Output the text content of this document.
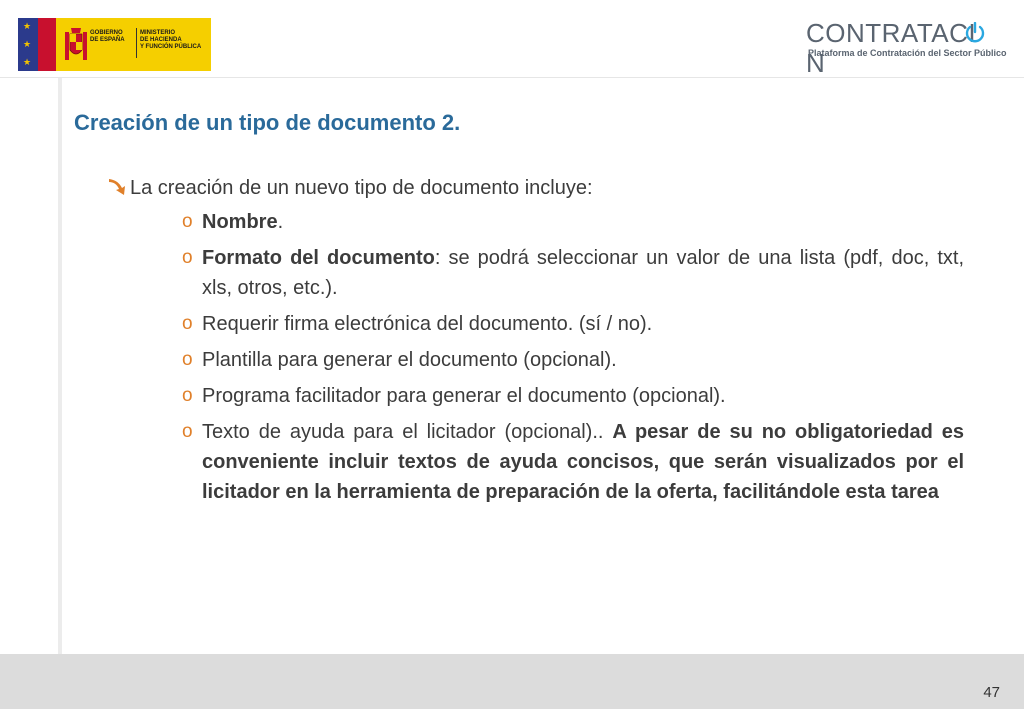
★
★
★
GOBIERNO
DE ESPAÑA
MINISTERIO
DE HACIENDA
Y FUNCIÓN PÚBLICA	CONTRATACIN
Plataforma de Contratación del Sector Público
Creación de un tipo de documento 2.
La creación de un nuevo tipo de documento incluye:
o Nombre.
o Formato del documento: se podrá seleccionar un valor de una lista (pdf, doc, txt, xls, otros, etc.).
o Requerir firma electrónica del documento. (sí / no).
o Plantilla para generar el documento (opcional).
o Programa facilitador para generar el documento (opcional).
o Texto de ayuda para el licitador (opcional).. A pesar de su no obligatoriedad es conveniente incluir textos de ayuda concisos, que serán visualizados por el licitador en la herramienta de preparación de la oferta, facilitándole esta tarea
47
